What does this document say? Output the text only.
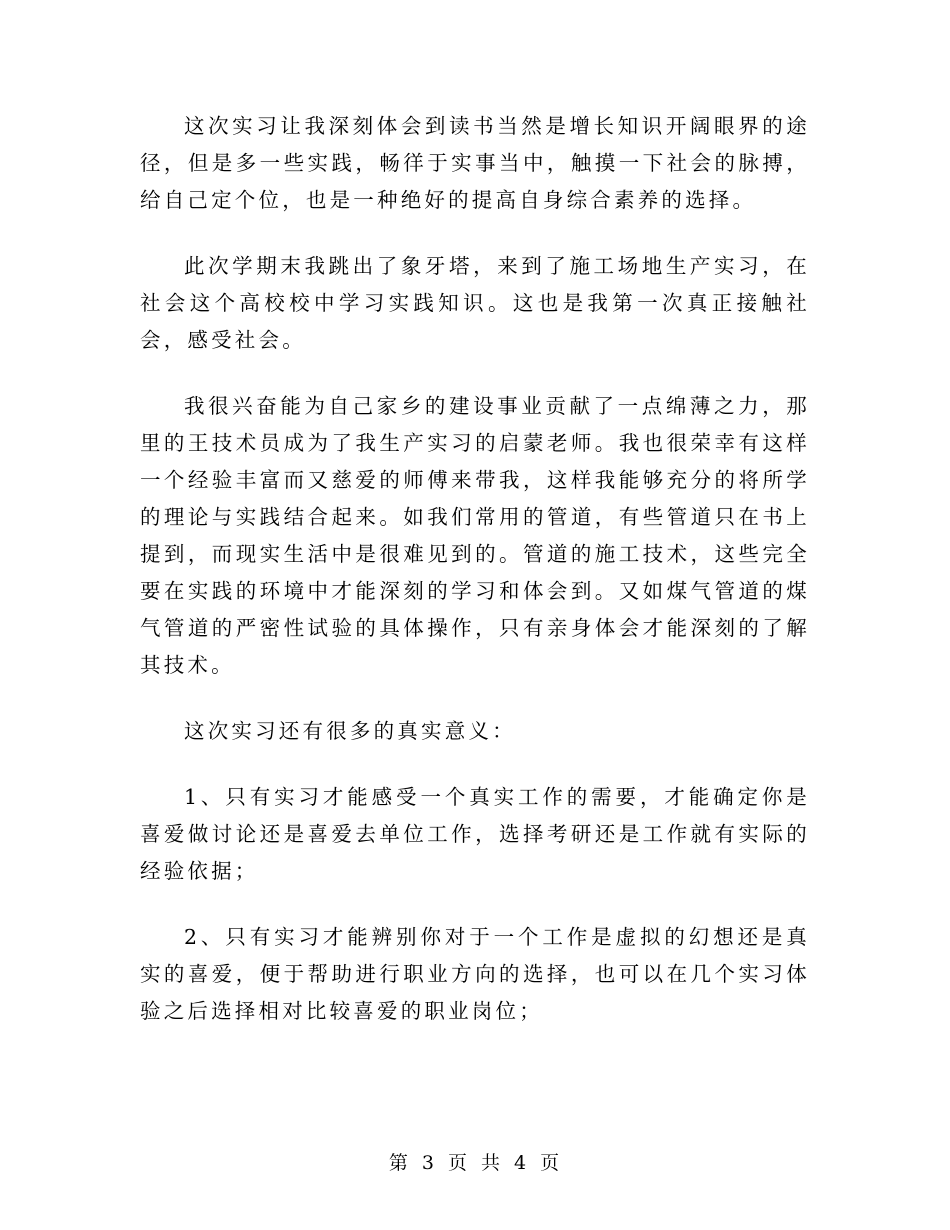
这次实习让我深刻体会到读书当然是增长知识开阔眼界的途径，但是多一些实践，畅徉于实事当中，触摸一下社会的脉搏，给自己定个位，也是一种绝好的提高自身综合素养的选择。

此次学期末我跳出了象牙塔，来到了施工场地生产实习，在社会这个高校校中学习实践知识。这也是我第一次真正接触社会，感受社会。

我很兴奋能为自己家乡的建设事业贡献了一点绵薄之力，那里的王技术员成为了我生产实习的启蒙老师。我也很荣幸有这样一个经验丰富而又慈爱的师傅来带我，这样我能够充分的将所学的理论与实践结合起来。如我们常用的管道，有些管道只在书上提到，而现实生活中是很难见到的。管道的施工技术，这些完全要在实践的环境中才能深刻的学习和体会到。又如煤气管道的煤气管道的严密性试验的具体操作，只有亲身体会才能深刻的了解其技术。

这次实习还有很多的真实意义：

1、只有实习才能感受一个真实工作的需要，才能确定你是喜爱做讨论还是喜爱去单位工作，选择考研还是工作就有实际的经验依据；

2、只有实习才能辨别你对于一个工作是虚拟的幻想还是真实的喜爱，便于帮助进行职业方向的选择，也可以在几个实习体验之后选择相对比较喜爱的职业岗位；

第 3 页 共 4 页
